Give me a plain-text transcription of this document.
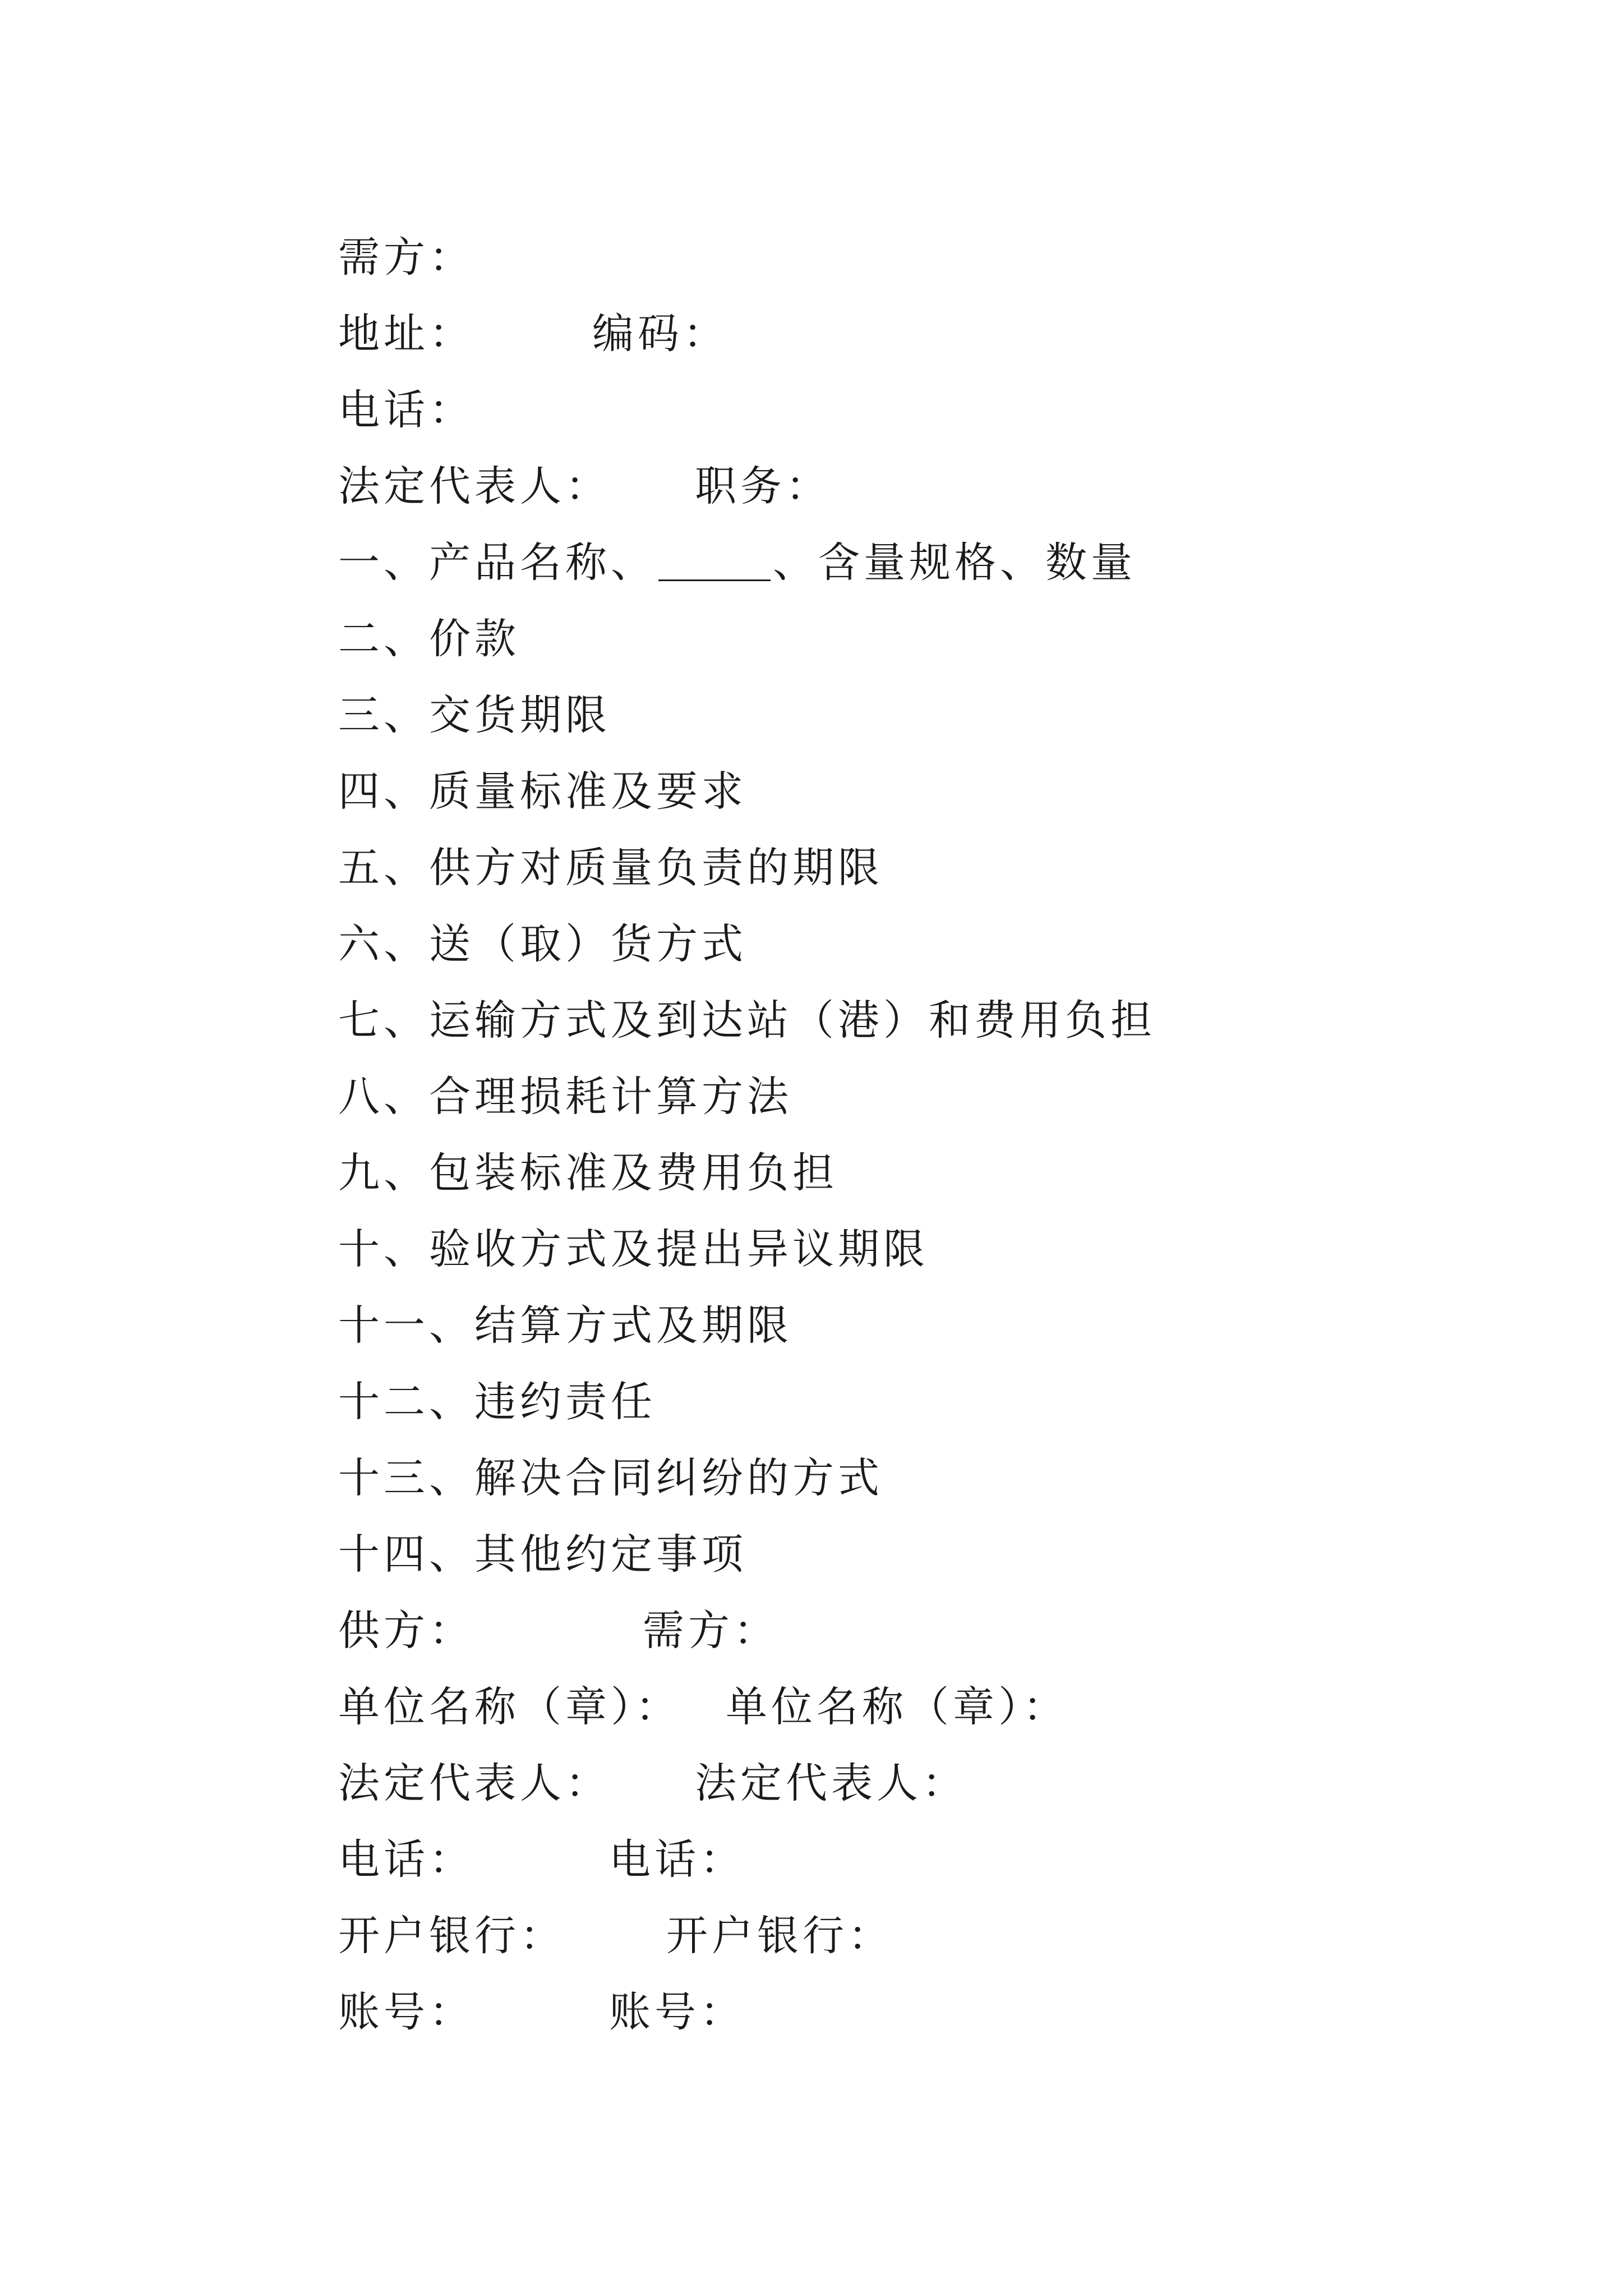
需方：
地址：	编码：
电话：
法定代表人： 职务：
一、产品名称、	、含量规格、数量
二、价款
三、交货期限
四、质量标准及要求
五、供方对质量负责的期限
六、送（取）货方式
七、运输方式及到达站（港）和费用负担
八、合理损耗计算方法
九、包装标准及费用负担
十、验收方式及提出异议期限
十一、结算方式及期限
十二、违约责任
十三、解决合同纠纷的方式
十四、其他约定事项
供方：	需方：
单位名称（章）： 单位名称（章）：
法定代表人： 法定代表人：
电话：	电话：
开户银行： 开户银行：
账号：	账号：
